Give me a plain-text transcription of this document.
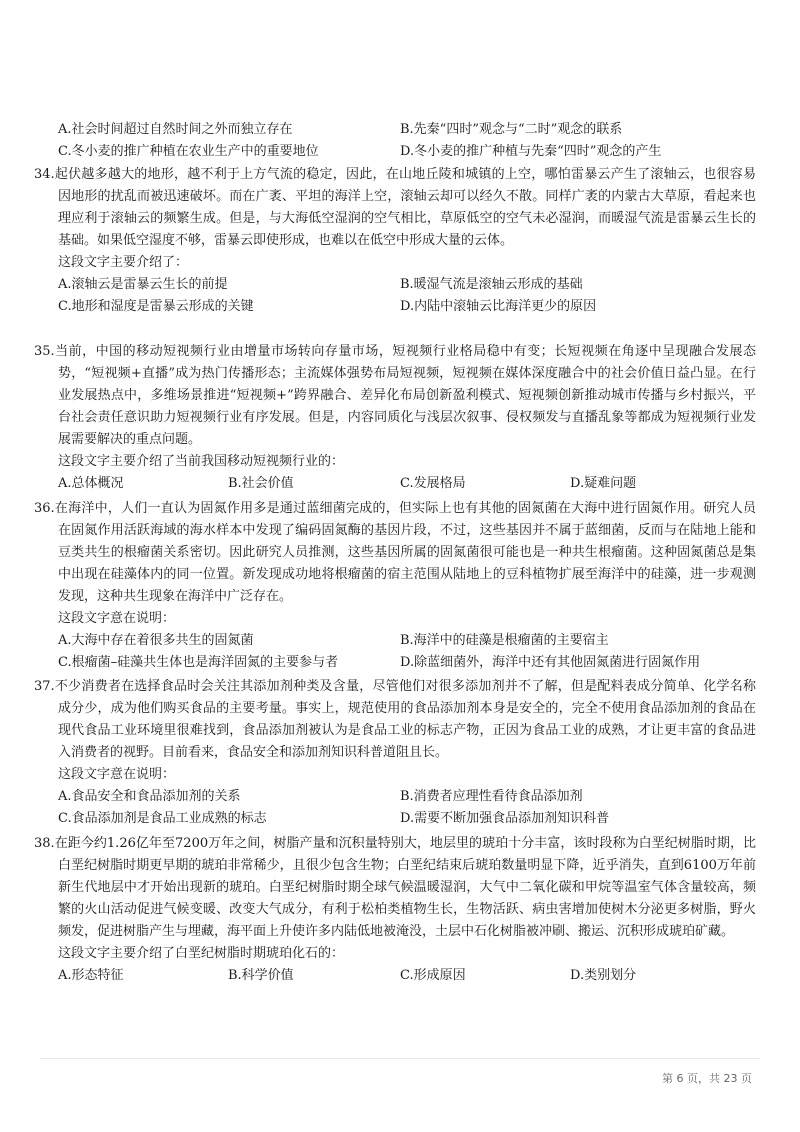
A.社会时间超过自然时间之外而独立存在	B.先秦“四时”观念与“二时”观念的联系
C.冬小麦的推广种植在农业生产中的重要地位	D.冬小麦的推广种植与先秦“四时”观念的产生

34.起伏越多越大的地形，越不利于上方气流的稳定，因此，在山地丘陵和城镇的上空，哪怕雷暴云产生了滚轴云，也很容易因地形的扰乱而被迅速破坏。而在广袤、平坦的海洋上空，滚轴云却可以经久不散。同样广袤的内蒙古大草原，看起来也理应利于滚轴云的频繁生成。但是，与大海低空湿润的空气相比，草原低空的空气未必湿润，而暖湿气流是雷暴云生长的基础。如果低空湿度不够，雷暴云即使形成，也难以在低空中形成大量的云体。

这段文字主要介绍了：

A.滚轴云是雷暴云生长的前提	B.暖湿气流是滚轴云形成的基础
C.地形和湿度是雷暴云形成的关键	D.内陆中滚轴云比海洋更少的原因

35.当前，中国的移动短视频行业由增量市场转向存量市场，短视频行业格局稳中有变；长短视频在角逐中呈现融合发展态势，“短视频+直播”成为热门传播形态；主流媒体强势布局短视频，短视频在媒体深度融合中的社会价值日益凸显。在行业发展热点中，多维场景推进“短视频+”跨界融合、差异化布局创新盈利模式、短视频创新推动城市传播与乡村振兴，平台社会责任意识助力短视频行业有序发展。但是，内容同质化与浅层次叙事、侵权频发与直播乱象等都成为短视频行业发展需要解决的重点问题。

这段文字主要介绍了当前我国移动短视频行业的：

A.总体概况	B.社会价值	C.发展格局	D.疑难问题

36.在海洋中，人们一直认为固氮作用多是通过蓝细菌完成的，但实际上也有其他的固氮菌在大海中进行固氮作用。研究人员在固氮作用活跃海域的海水样本中发现了编码固氮酶的基因片段，不过，这些基因并不属于蓝细菌，反而与在陆地上能和豆类共生的根瘤菌关系密切。因此研究人员推测，这些基因所属的固氮菌很可能也是一种共生根瘤菌。这种固氮菌总是集中出现在硅藻体内的同一位置。新发现成功地将根瘤菌的宿主范围从陆地上的豆科植物扩展至海洋中的硅藻，进一步观测发现，这种共生现象在海洋中广泛存在。

这段文字意在说明：

A.大海中存在着很多共生的固氮菌	B.海洋中的硅藻是根瘤菌的主要宿主
C.根瘤菌–硅藻共生体也是海洋固氮的主要参与者	D.除蓝细菌外，海洋中还有其他固氮菌进行固氮作用

37.不少消费者在选择食品时会关注其添加剂种类及含量，尽管他们对很多添加剂并不了解，但是配料表成分简单、化学名称成分少，成为他们购买食品的主要考量。事实上，规范使用的食品添加剂本身是安全的，完全不使用食品添加剂的食品在现代食品工业环境里很难找到，食品添加剂被认为是食品工业的标志产物，正因为食品工业的成熟，才让更丰富的食品进入消费者的视野。目前看来，食品安全和添加剂知识科普道阻且长。

这段文字意在说明：

A.食品安全和食品添加剂的关系	B.消费者应理性看待食品添加剂
C.食品添加剂是食品工业成熟的标志	D.需要不断加强食品添加剂知识科普

38.在距今约1.26亿年至7200万年之间，树脂产量和沉积量特别大，地层里的琥珀十分丰富，该时段称为白垩纪树脂时期，比白垩纪树脂时期更早期的琥珀非常稀少，且很少包含生物；白垩纪结束后琥珀数量明显下降，近乎消失，直到6100万年前新生代地层中才开始出现新的琥珀。白垩纪树脂时期全球气候温暖湿润，大气中二氧化碳和甲烷等温室气体含量较高，频繁的火山活动促进气候变暖、改变大气成分，有利于松柏类植物生长，生物活跃、病虫害增加使树木分泌更多树脂，野火频发，促进树脂产生与埋藏，海平面上升使许多内陆低地被淹没，土层中石化树脂被冲刷、搬运、沉积形成琥珀矿藏。

这段文字主要介绍了白垩纪树脂时期琥珀化石的：

A.形态特征	B.科学价值	C.形成原因	D.类别划分
第 6 页，共 23 页
